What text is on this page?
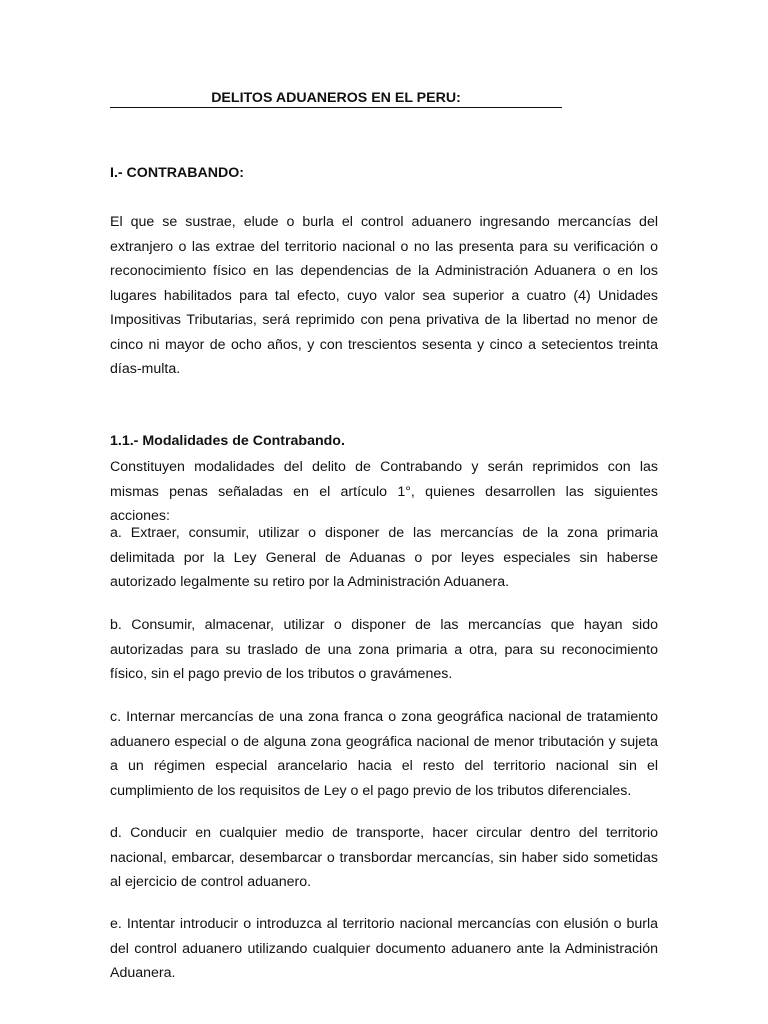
DELITOS ADUANEROS EN EL PERU:

I.- CONTRABANDO:

El que se sustrae, elude o burla el control aduanero ingresando mercancías del extranjero o las extrae del territorio nacional o no las presenta para su verificación o reconocimiento físico en las dependencias de la Administración Aduanera o en los lugares habilitados para tal efecto, cuyo valor sea superior a cuatro (4) Unidades Impositivas Tributarias, será reprimido con pena privativa de la libertad no menor de cinco ni mayor de ocho años, y con trescientos sesenta y cinco a setecientos treinta días-multa.

1.1.- Modalidades de Contrabando.

Constituyen modalidades del delito de Contrabando y serán reprimidos con las mismas penas señaladas en el artículo 1°, quienes desarrollen las siguientes acciones:

a. Extraer, consumir, utilizar o disponer de las mercancías de la zona primaria delimitada por la Ley General de Aduanas o por leyes especiales sin haberse autorizado legalmente su retiro por la Administración Aduanera.

b. Consumir, almacenar, utilizar o disponer de las mercancías que hayan sido autorizadas para su traslado de una zona primaria a otra, para su reconocimiento físico, sin el pago previo de los tributos o gravámenes.

c. Internar mercancías de una zona franca o zona geográfica nacional de tratamiento aduanero especial o de alguna zona geográfica nacional de menor tributación y sujeta a un régimen especial arancelario hacia el resto del territorio nacional sin el cumplimiento de los requisitos de Ley o el pago previo de los tributos diferenciales.

d. Conducir en cualquier medio de transporte, hacer circular dentro del territorio nacional, embarcar, desembarcar o transbordar mercancías, sin haber sido sometidas al ejercicio de control aduanero.

e. Intentar introducir o introduzca al territorio nacional mercancías con elusión o burla del control aduanero utilizando cualquier documento aduanero ante la Administración Aduanera.
